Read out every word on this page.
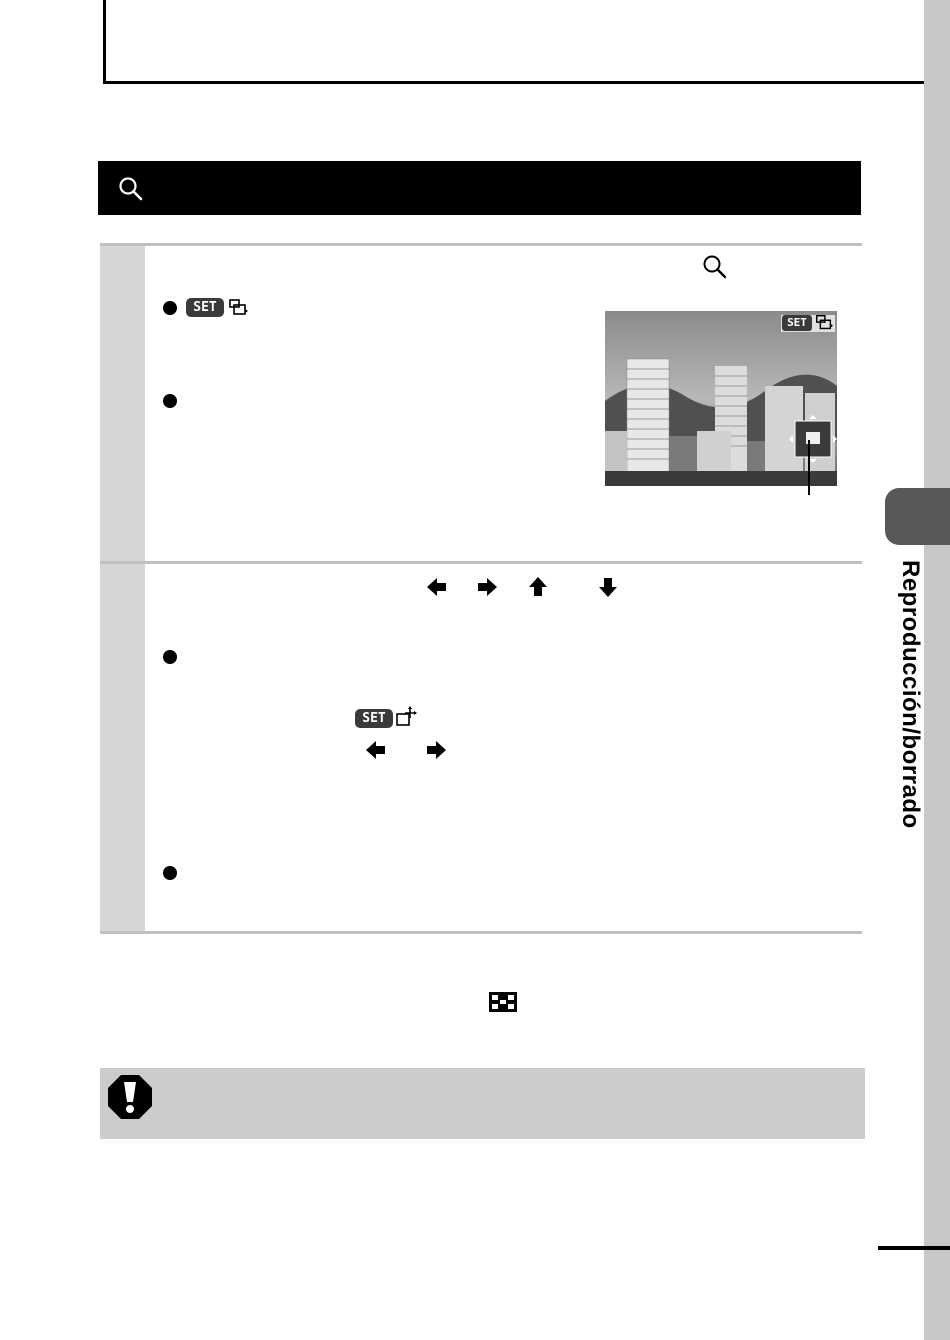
Reproducción/borrado
SET
SET
SET
